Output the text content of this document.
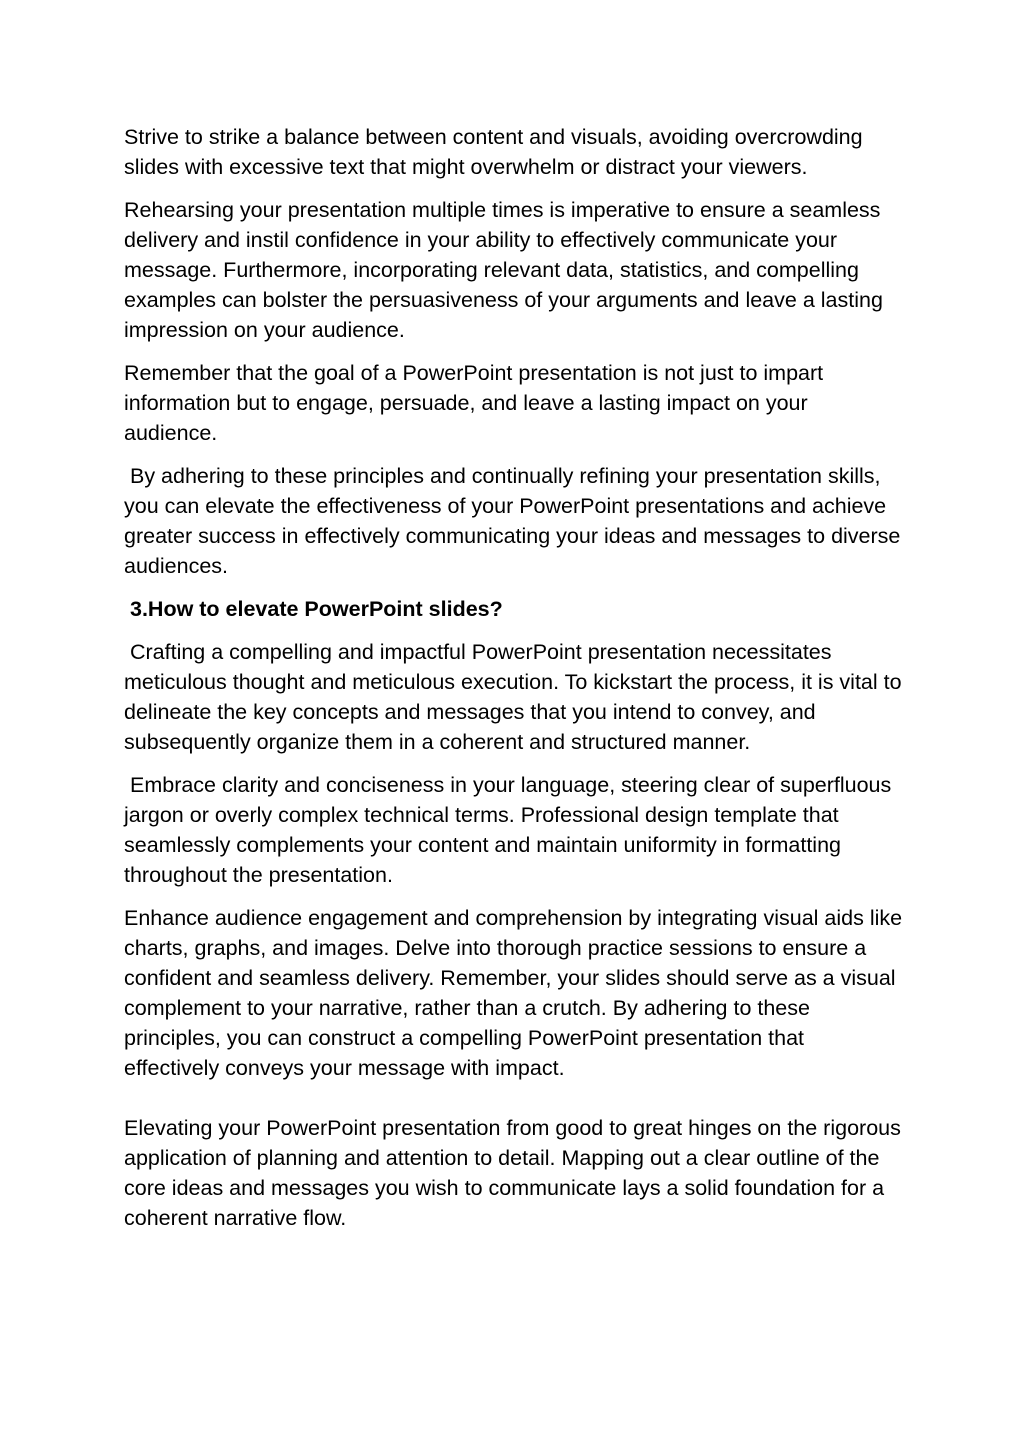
Strive to strike a balance between content and visuals, avoiding overcrowding slides with excessive text that might overwhelm or distract your viewers.

Rehearsing your presentation multiple times is imperative to ensure a seamless delivery and instil confidence in your ability to effectively communicate your message. Furthermore, incorporating relevant data, statistics, and compelling examples can bolster the persuasiveness of your arguments and leave a lasting impression on your audience.

Remember that the goal of a PowerPoint presentation is not just to impart information but to engage, persuade, and leave a lasting impact on your audience.

By adhering to these principles and continually refining your presentation skills, you can elevate the effectiveness of your PowerPoint presentations and achieve greater success in effectively communicating your ideas and messages to diverse audiences.

3.How to elevate PowerPoint slides?

Crafting a compelling and impactful PowerPoint presentation necessitates meticulous thought and meticulous execution. To kickstart the process, it is vital to delineate the key concepts and messages that you intend to convey, and subsequently organize them in a coherent and structured manner.

Embrace clarity and conciseness in your language, steering clear of superfluous jargon or overly complex technical terms. Professional design template that seamlessly complements your content and maintain uniformity in formatting throughout the presentation.

Enhance audience engagement and comprehension by integrating visual aids like charts, graphs, and images. Delve into thorough practice sessions to ensure a confident and seamless delivery. Remember, your slides should serve as a visual complement to your narrative, rather than a crutch. By adhering to these principles, you can construct a compelling PowerPoint presentation that effectively conveys your message with impact.

Elevating your PowerPoint presentation from good to great hinges on the rigorous application of planning and attention to detail. Mapping out a clear outline of the core ideas and messages you wish to communicate lays a solid foundation for a coherent narrative flow.
